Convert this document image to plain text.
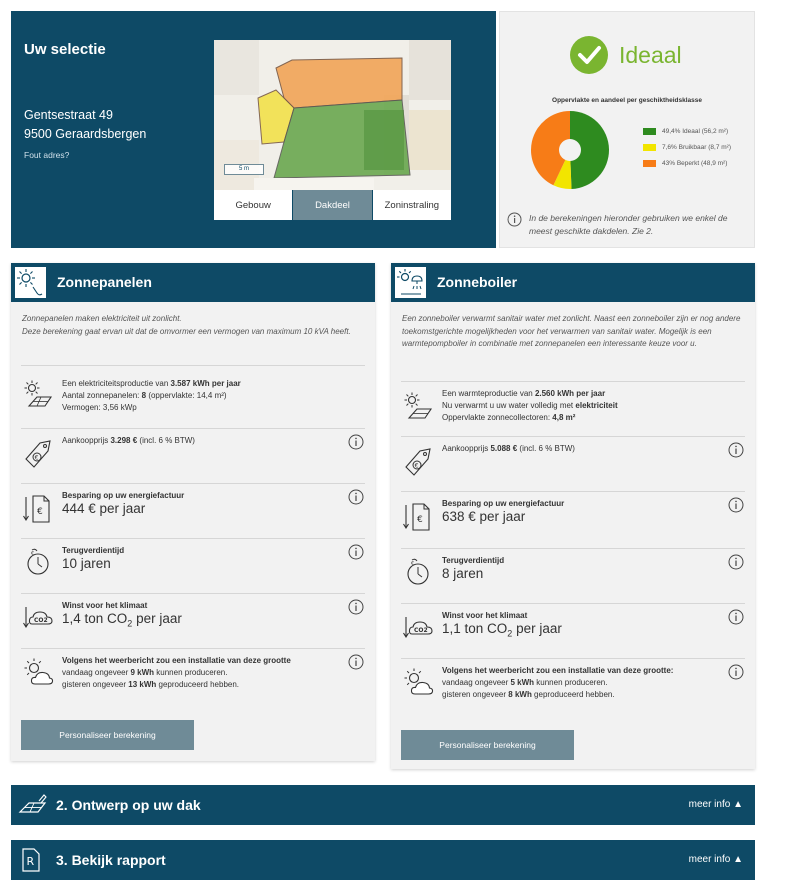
Uw selectie
Gentsestraat 49
9500 Geraardsbergen
Fout adres?
5 m
Gebouw	Dakdeel	Zoninstraling
Ideaal
Oppervlakte en aandeel per geschiktheidsklasse
49,4% Ideaal (56,2 m²)
7,6% Bruikbaar (8,7 m²)
43% Beperkt (48,9 m²)
In de berekeningen hieronder gebruiken we enkel de meest geschikte dakdelen. Zie 2.
Zonnepanelen
Zonnepanelen maken elektriciteit uit zonlicht.
Deze berekening gaat ervan uit dat de omvormer een vermogen van maximum 10 kVA heeft.
Een elektriciteitsproductie van 3.587 kWh per jaar
Aantal zonnepanelen: 8 (oppervlakte: 14,4 m²)
Vermogen: 3,56 kWp
€
Aankoopprijs 3.298 € (incl. 6 % BTW)
€
Besparing op uw energiefactuur
444 € per jaar
€	Terugverdientijd
10 jaren
CO2
Winst voor het klimaat
1,4 ton $CO_2$ per jaar
Volgens het weerbericht zou een installatie van deze grootte
vandaag ongeveer 9 kWh kunnen produceren.
gisteren ongeveer 13 kWh geproduceerd hebben.
Personaliseer berekening
Zonneboiler
Een zonneboiler verwarmt sanitair water met zonlicht. Naast een zonneboiler zijn er nog andere toekomstgerichte mogelijkheden voor het verwarmen van sanitair water. Mogelijk is een warmtepompboiler in combinatie met zonnepanelen een interessante keuze voor u.
Een warmteproductie van 2.560 kWh per jaar
Nu verwarmt u uw water volledig met elektriciteit
Oppervlakte zonnecollectoren: 4,8 m²
€
Aankoopprijs 5.088 € (incl. 6 % BTW)
€
Besparing op uw energiefactuur
638 € per jaar
€	Terugverdientijd
8 jaren
CO2
Winst voor het klimaat
1,1 ton $CO_2$ per jaar
Volgens het weerbericht zou een installatie van deze grootte:
vandaag ongeveer 5 kWh kunnen produceren.
gisteren ongeveer 8 kWh geproduceerd hebben.
Personaliseer berekening
2. Ontwerp op uw dak	meer info ▲
R 3. Bekijk rapport	meer info ▲
